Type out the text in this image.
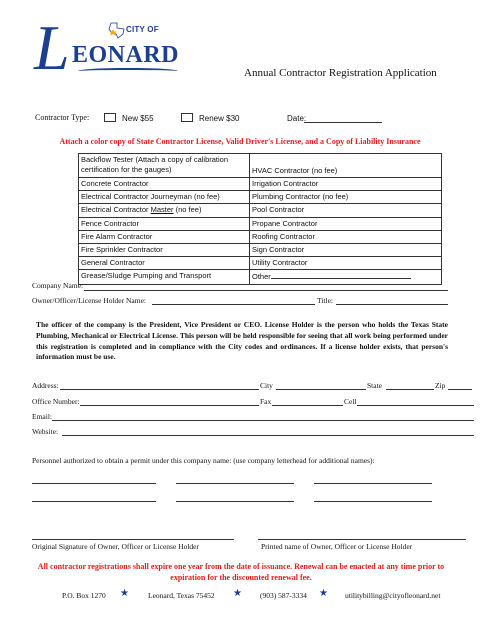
L	CITY OF
EONARD
Annual Contractor Registration Application
Contractor Type:	New $55	Renew $30	Date:
Attach a color copy of State Contractor License, Valid Driver's License, and a Copy of Liability Insurance
Backflow Tester (Attach a copy of calibration certification for the gauges)	HVAC Contractor (no fee)
Concrete Contractor	Irrigation Contractor
Electrical Contractor Journeyman (no fee)	Plumbing Contractor (no fee)
Electrical Contractor Master (no fee)	Pool Contractor
Fence Contractor	Propane Contractor
Fire Alarm Contractor	Roofing Contractor
Fire Sprinkler Contractor	Sign Contractor
General Contractor	Utility Contractor
Grease/Sludge Pumping and Transport	Other
Company Name:
Owner/Officer/License Holder Name:	Title:
The officer of the company is the President, Vice President or CEO. License Holder is the person who holds the Texas State Plumbing, Mechanical or Electrical License. This person will be held responsible for seeing that all work being performed under this registration is completed and in compliance with the City codes and ordinances. If a license holder exists, that person's information must be use.
Address:	City	State	Zip
Office Number:	Fax	Cell
Email:
Website:
Personnel authorized to obtain a permit under this company name: (use company letterhead for additional names):
Original Signature of Owner, Officer or License Holder	Printed name of Owner, Officer or License Holder
All contractor registrations shall expire one year from the date of issuance. Renewal can be enacted at any time prior to expiration for the discounted renewal fee.
P.O. Box 1270 ★	Leonard, Texas 75452 ★ (903) 587-3334 ★ utilitybilling@cityofleonard.net
